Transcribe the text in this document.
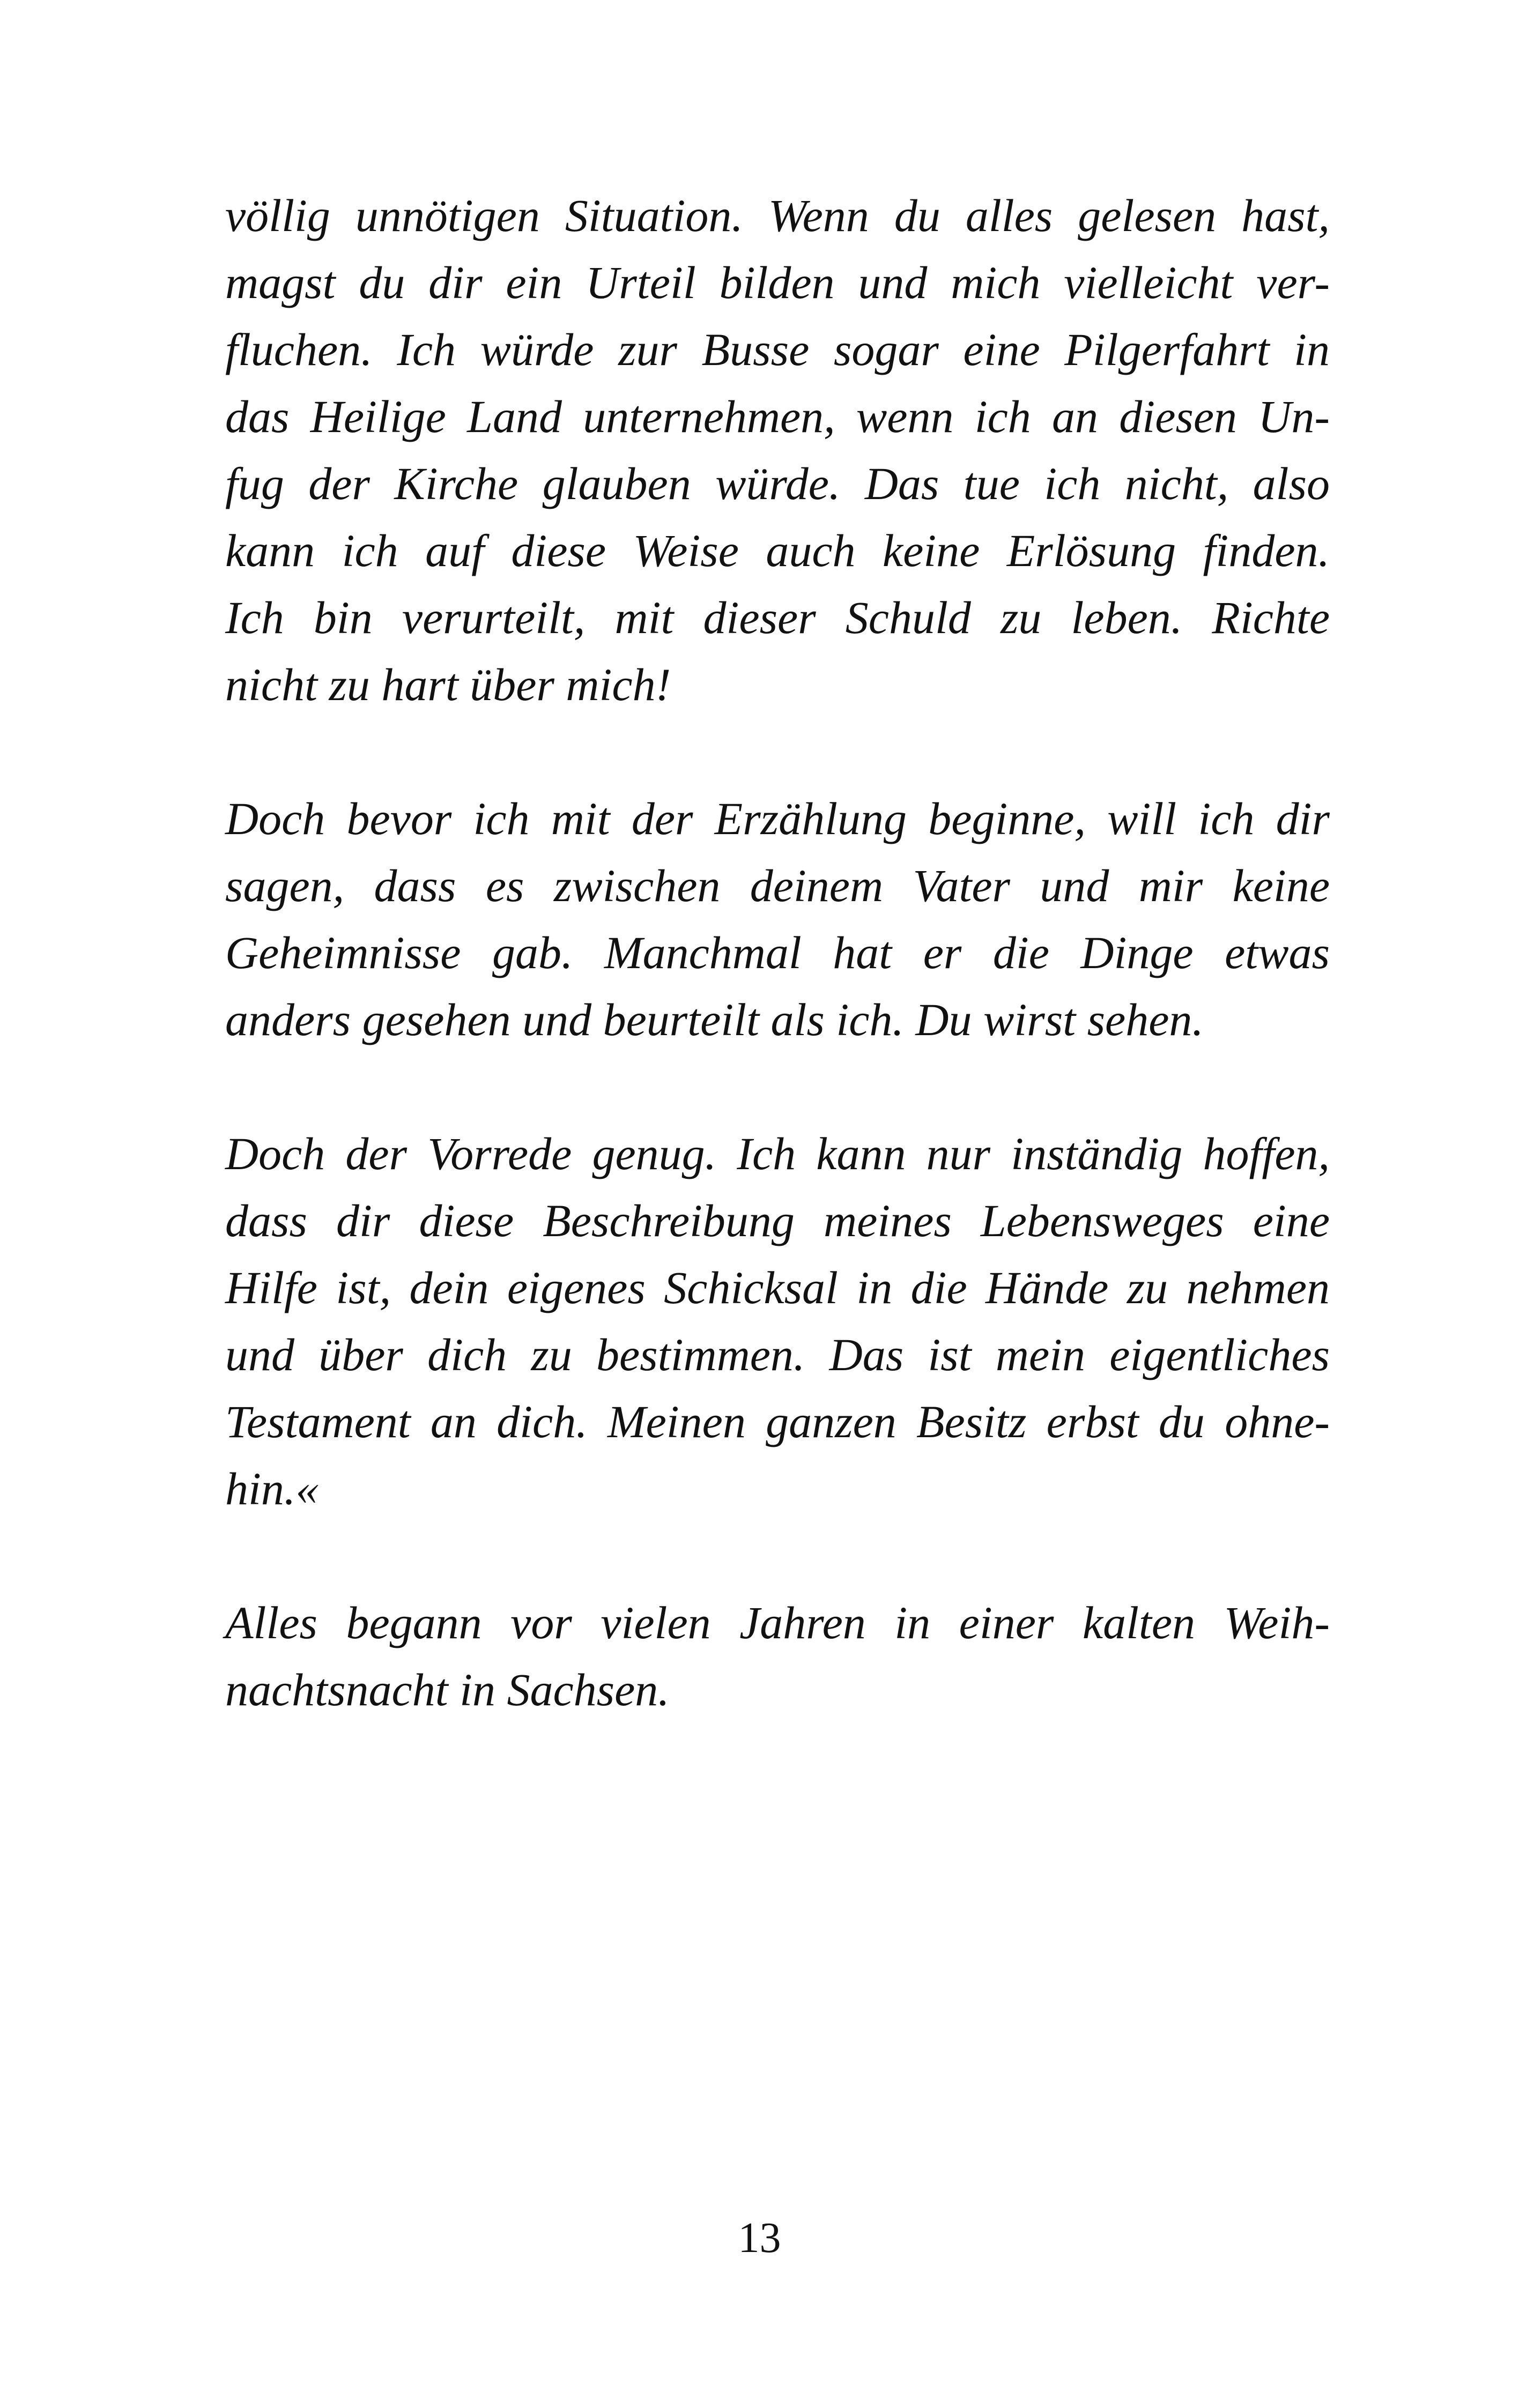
völlig unnötigen Situation. Wenn du alles gelesen hast,
magst du dir ein Urteil bilden und mich vielleicht ver-
fluchen. Ich würde zur Busse sogar eine Pilgerfahrt in
das Heilige Land unternehmen, wenn ich an diesen Un-
fug der Kirche glauben würde. Das tue ich nicht, also
kann ich auf diese Weise auch keine Erlösung finden.
Ich bin verurteilt, mit dieser Schuld zu leben. Richte
nicht zu hart über mich!
Doch bevor ich mit der Erzählung beginne, will ich dir
sagen, dass es zwischen deinem Vater und mir keine
Geheimnisse gab. Manchmal hat er die Dinge etwas
anders gesehen und beurteilt als ich. Du wirst sehen.
Doch der Vorrede genug. Ich kann nur inständig hoffen,
dass dir diese Beschreibung meines Lebensweges eine
Hilfe ist, dein eigenes Schicksal in die Hände zu nehmen
und über dich zu bestimmen. Das ist mein eigentliches
Testament an dich. Meinen ganzen Besitz erbst du ohne-
hin.«
Alles begann vor vielen Jahren in einer kalten Weih-
nachtsnacht in Sachsen.
13
